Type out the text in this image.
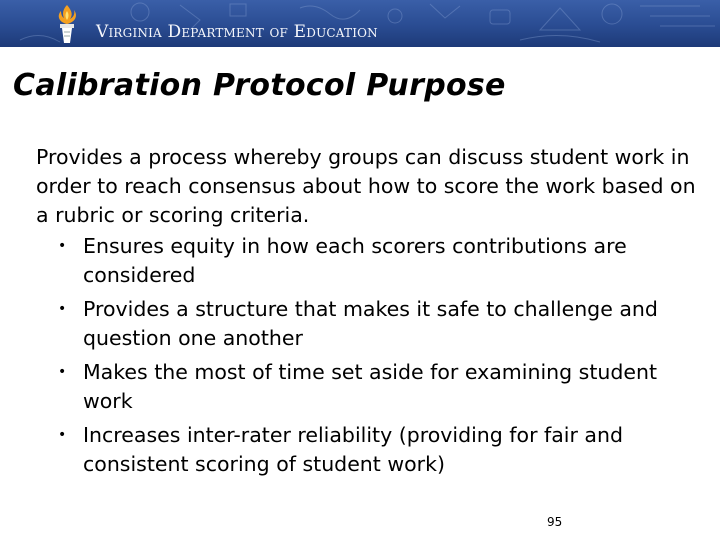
Virginia Department of Education
Calibration Protocol Purpose

Provides a process whereby groups can discuss student work in order to reach consensus about how to score the work based on a rubric or scoring criteria.

• Ensures equity in how each scorers contributions are considered
• Provides a structure that makes it safe to challenge and question one another
• Makes the most of time set aside for examining student work
• Increases inter-rater reliability (providing for fair and consistent scoring of student work)
95
